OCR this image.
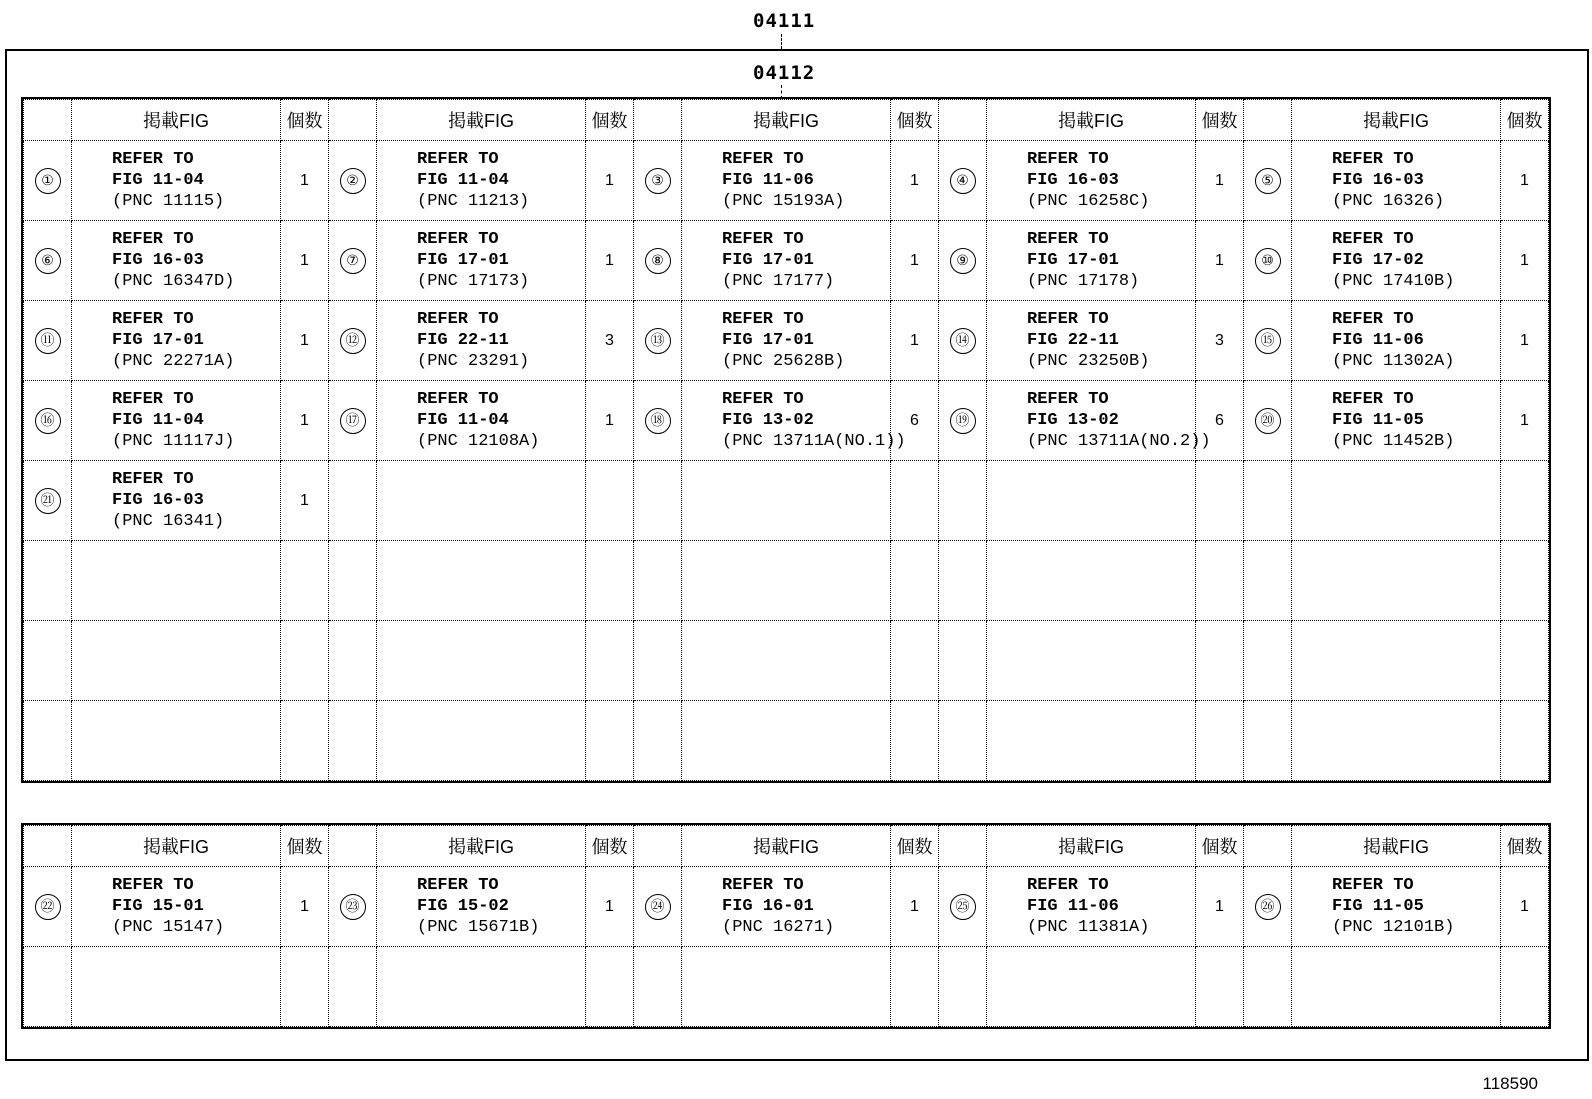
04111
04112
	掲載FIG	個数		掲載FIG	個数		掲載FIG	個数		掲載FIG	個数		掲載FIG	個数
①	REFER TO
FIG 11-04
(PNC 11115)	1	②	REFER TO
FIG 11-04
(PNC 11213)	1	③	REFER TO
FIG 11-06
(PNC 15193A)	1	④	REFER TO
FIG 16-03
(PNC 16258C)	1	⑤	REFER TO
FIG 16-03
(PNC 16326)	1
⑥	REFER TO
FIG 16-03
(PNC 16347D)	1	⑦	REFER TO
FIG 17-01
(PNC 17173)	1	⑧	REFER TO
FIG 17-01
(PNC 17177)	1	⑨	REFER TO
FIG 17-01
(PNC 17178)	1	⑩	REFER TO
FIG 17-02
(PNC 17410B)	1
⑪	REFER TO
FIG 17-01
(PNC 22271A)	1	⑫	REFER TO
FIG 22-11
(PNC 23291)	3	⑬	REFER TO
FIG 17-01
(PNC 25628B)	1	⑭	REFER TO
FIG 22-11
(PNC 23250B)	3	⑮	REFER TO
FIG 11-06
(PNC 11302A)	1
⑯	REFER TO
FIG 11-04
(PNC 11117J)	1	⑰	REFER TO
FIG 11-04
(PNC 12108A)	1	⑱	REFER TO
FIG 13-02
(PNC 13711A(NO.1))	6	⑲	REFER TO
FIG 13-02
(PNC 13711A(NO.2))	6	⑳	REFER TO
FIG 11-05
(PNC 11452B)	1
㉑	REFER TO
FIG 16-03
(PNC 16341)	1												

	掲載FIG	個数		掲載FIG	個数		掲載FIG	個数		掲載FIG	個数		掲載FIG	個数
㉒	REFER TO
FIG 15-01
(PNC 15147)	1	㉓	REFER TO
FIG 15-02
(PNC 15671B)	1	㉔	REFER TO
FIG 16-01
(PNC 16271)	1	㉕	REFER TO
FIG 11-06
(PNC 11381A)	1	㉖	REFER TO
FIG 11-05
(PNC 12101B)	1

118590
